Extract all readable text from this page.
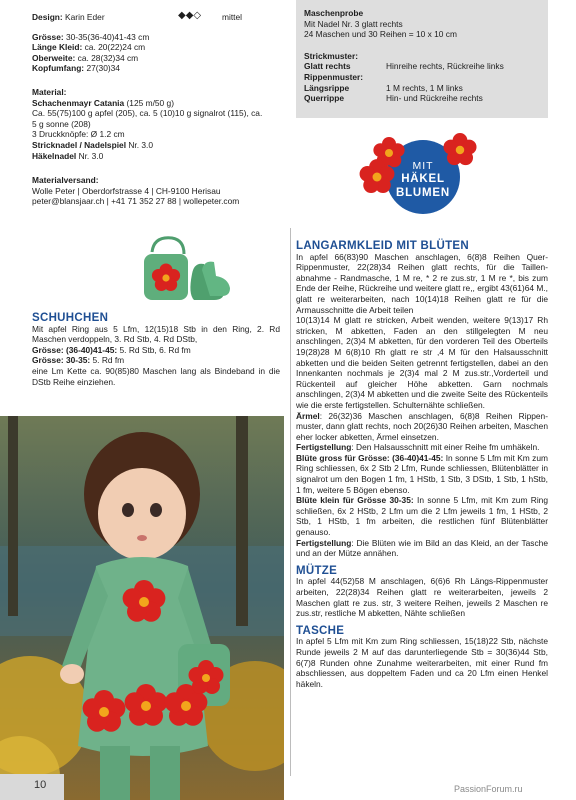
Design:
Karin Eder	◆◆◇ mittel

Grösse: 30-35(36-40)41-43 cm

Länge Kleid: ca. 20(22)24 cm

Oberweite: ca. 28(32)34 cm

Kopfumfang: 27(30)34

Material:

Schachenmayr Catania (125 m/50 g)

Ca. 55(75)100 g apfel (205), ca. 5 (10)10 g signalrot (115), ca. 5 g sonne (208)

3 Druckknöpfe: Ø 1.2 cm

Stricknadel / Nadelspiel Nr. 3.0

Häkelnadel Nr. 3.0

Materialversand:

Wolle Peter | Oberdorfstrasse 4 | CH-9100 Herisau

peter@blansjaar.ch | +41 71 352 27 88 | wollepeter.com

Maschenprobe

Mit Nadel Nr. 3 glatt rechts

24 Maschen und 30 Reihen = 10 x 10 cm

Strickmuster:

Glatt rechts	Hinreihe rechts, Rückreihe links
Rippenmuster:
Längsrippe	1 M rechts, 1 M links
Querrippe	Hin- und Rückreihe rechts
MIT
HÄKEL
BLUMEN

SCHUHCHEN

Mit apfel Ring aus 5 Lfm, 12(15)18 Stb in den Ring, 2. Rd Maschen verdoppeln, 3. Rd Stb, 4. Rd DStb,

Grösse: (36-40)41-45: 5. Rd Stb, 6. Rd fm

Grösse: 30-35: 5. Rd fm

eine Lm Kette ca. 90(85)80 Maschen lang als Bindeband in die DStb Reihe einziehen.

LANGARMKLEID MIT BLÜTEN

In apfel 66(83)90 Maschen anschlagen, 6(8)8 Reihen Quer-Rippenmuster, 22(28)34 Reihen glatt rechts, für die Taillen-abnahme - Randmasche, 1 M re, * 2 re zus.str, 1 M re *, bis zum Ende der Reihe, Rückreihe und weitere glatt re,, ergibt 43(61)64 M., glatt re weiterarbeiten, nach 10(14)18 Reihen glatt re für die Armausschnitte die Arbeit teilen

10(13)14 M glatt re stricken, Arbeit wenden, weitere 9(13)17 Rh stricken, M abketten, Faden an den stillgelegten M neu anschlingen, 2(3)4 M abketten, für den vorderen Teil des Oberteils 19(28)28 M 6(8)10 Rh glatt re str ,4 M für den Halsausschnitt abketten und die beiden Seiten getrennt fertigstellen, dabei an den Innenkanten nochmals je 2(3)4 mal 2 M zus.str.,Vorderteil und Rückenteil auf gleicher Höhe abketten. Garn nochmals anschlingen, 2(3)4 M abketten und die zweite Seite des Rückenteils wie die erste fertigstellen. Schulternähte schließen.

Ärmel: 26(32)36 Maschen anschlagen, 6(8)8 Reihen Rippen-muster, dann glatt rechts, noch 20(26)30 Reihen arbeiten, Maschen eher locker abketten, Ärmel einsetzen.

Fertigstellung: Den Halsausschnitt mit einer Reihe fm umhäkeln.

Blüte gross für Grösse: (36-40)41-45: In sonne 5 Lfm mit Km zum Ring schliessen, 6x 2 Stb 2 Lfm, Runde schliessen, Blütenblätter in signalrot um den Bogen 1 fm, 1 HStb, 1 Stb, 3 DStb, 1 Stb, 1 hStb, 1 fm, weitere 5 Bögen ebenso.

Blüte klein für Grösse 30-35: In sonne 5 Lfm, mit Km zum Ring schließen, 6x 2 HStb, 2 Lfm um die 2 Lfm jeweils 1 fm, 1 HStb, 2 Stb, 1 HStb, 1 fm arbeiten, die restlichen fünf Blütenblätter genauso.

Fertigstellung: Die Blüten wie im Bild an das Kleid, an der Tasche und an der Mütze annähen.

MÜTZE

In apfel 44(52)58 M anschlagen, 6(6)6 Rh Längs-Rippenmuster arbeiten, 22(28)34 Reihen glatt re weiterarbeiten, jeweils 2 Maschen glatt re zus. str, 3 weitere Reihen, jeweils 2 Maschen re zus.str, restliche M abketten, Nähte schließen

TASCHE

In apfel 5 Lfm mit Km zum Ring schliessen, 15(18)22 Stb, nächste Runde jeweils 2 M auf das darunterliegende Stb = 30(36)44 Stb, 6(7)8 Runden ohne Zunahme weiterarbeiten, mit einer Rund fm abschliessen, aus doppeltem Faden und ca 20 Lfm einen Henkel häkeln.

10	PassionForum.ru
